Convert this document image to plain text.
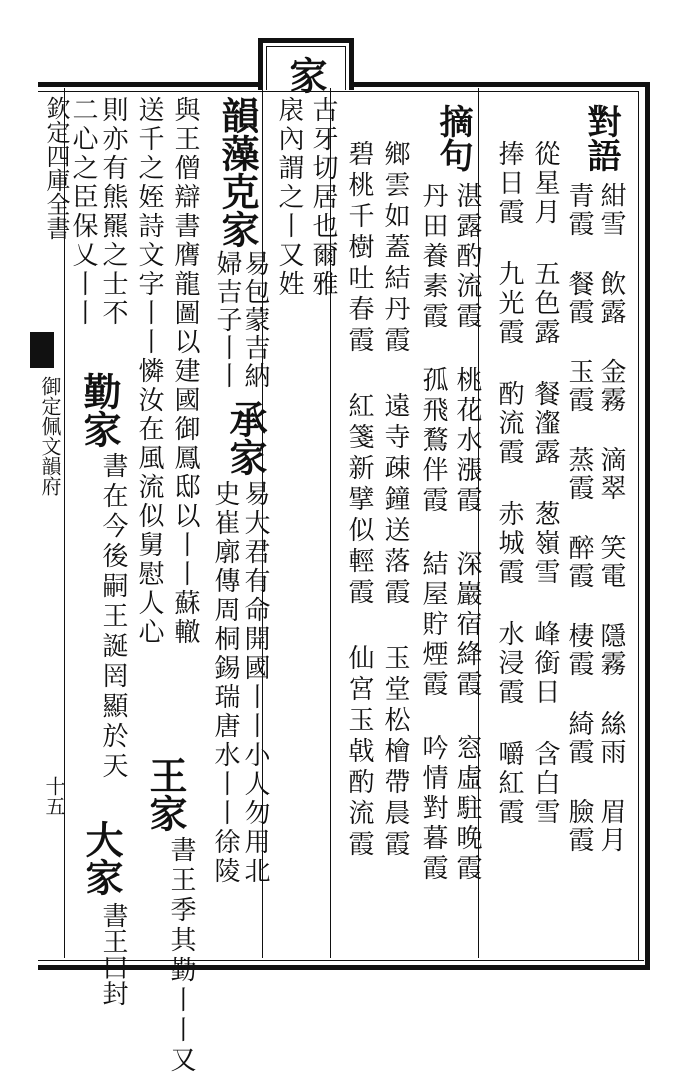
欽定四庫全書
御定佩文韻府
十五
家
對語
紺雪 飲露 金霧 滴翠 笑電 隱霧 絲雨 眉月
青霞 餐霞 玉霞 蒸霞 醉霞 棲霞 綺霞 臉霞
從星月 五色露 餐瀣露 葱嶺雪 峰銜日 含白雪
捧日霞 九光霞 酌流霞 赤城霞 水浸霞 嚼紅霞
摘句
湛露酌流霞 桃花水漲霞 深巖宿絳霞 窓虛駐晚霞
丹田養素霞 孤飛鶩伴霞 結屋貯煙霞 吟情對暮霞
鄉雲如蓋結丹霞 遠寺疎鐘送落霞 玉堂松檜帶晨霞
碧桃千樹吐春霞 紅箋新擘似輕霞 仙宮玉㦸酌流霞
古牙切居也爾雅
扆內謂之丨又姓
韻藻克家
易包蒙吉納
婦吉子丨丨
承家
易大君有命開國丨丨小人勿用北
史崔廓傳周桐錫瑞唐水丨丨徐陵
與王僧辯書膺龍圖以建國御鳳邸以丨丨蘇轍
送千之姪詩文字丨丨憐汝在風流似舅慰人心
王家
書王季其勤丨丨又
則亦有熊羆之士不
勤家
書在今後嗣王誕罔顯於天
二心之臣保乂丨丨
大家
書王曰封
